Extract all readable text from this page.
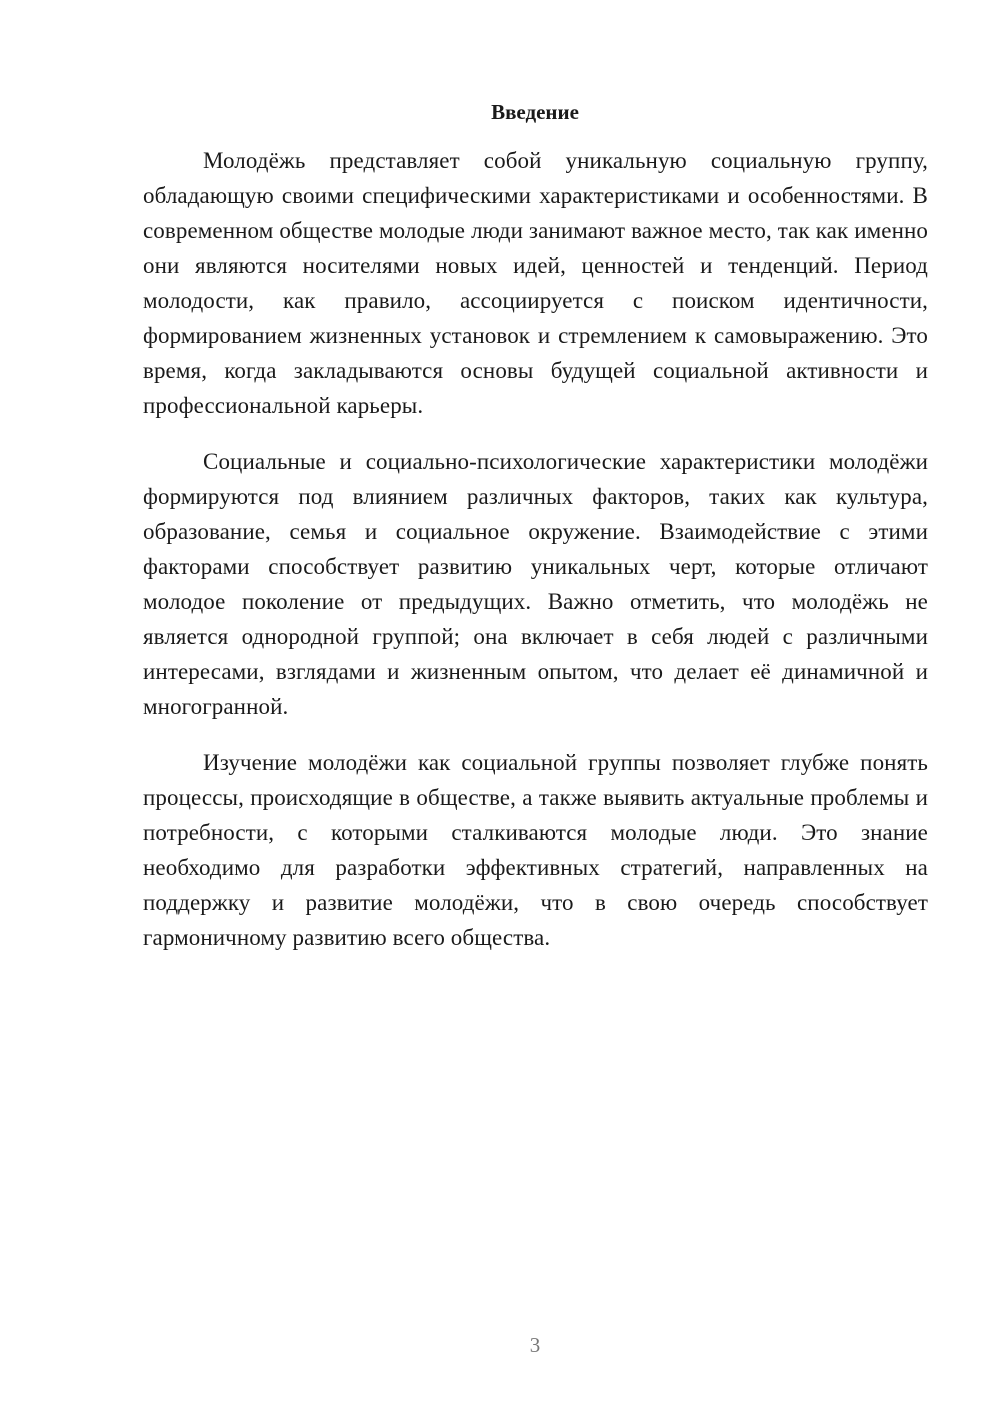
Введение

Молодёжь представляет собой уникальную социальную группу, обладающую своими специфическими характеристиками и особенностями. В современном обществе молодые люди занимают важное место, так как именно они являются носителями новых идей, ценностей и тенденций. Период молодости, как правило, ассоциируется с поиском идентичности, формированием жизненных установок и стремлением к самовыражению. Это время, когда закладываются основы будущей социальной активности и профессиональной карьеры.

Социальные и социально-психологические характеристики молодёжи формируются под влиянием различных факторов, таких как культура, образование, семья и социальное окружение. Взаимодействие с этими факторами способствует развитию уникальных черт, которые отличают молодое поколение от предыдущих. Важно отметить, что молодёжь не является однородной группой; она включает в себя людей с различными интересами, взглядами и жизненным опытом, что делает её динамичной и многогранной.

Изучение молодёжи как социальной группы позволяет глубже понять процессы, происходящие в обществе, а также выявить актуальные проблемы и потребности, с которыми сталкиваются молодые люди. Это знание необходимо для разработки эффективных стратегий, направленных на поддержку и развитие молодёжи, что в свою очередь способствует гармоничному развитию всего общества.

3
